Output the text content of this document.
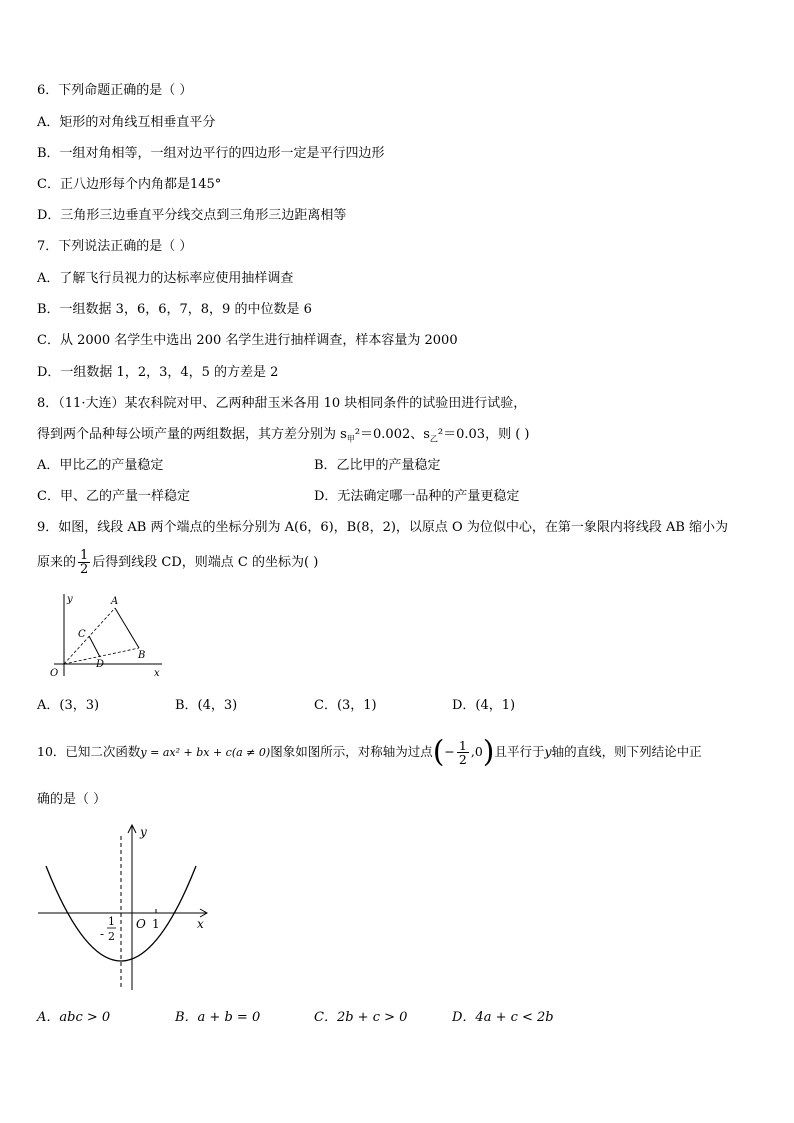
6．下列命题正确的是（ ）
A．矩形的对角线互相垂直平分
B．一组对角相等，一组对边平行的四边形一定是平行四边形
C．正八边形每个内角都是145°
D．三角形三边垂直平分线交点到三角形三边距离相等
7．下列说法正确的是（ ）
A．了解飞行员视力的达标率应使用抽样调查
B．一组数据 3，6，6，7，8，9 的中位数是 6
C．从 2000 名学生中选出 200 名学生进行抽样调查，样本容量为 2000
D．一组数据 1，2，3，4，5 的方差是 2
8．（11·大连）某农科院对甲、乙两种甜玉米各用 10 块相同条件的试验田进行试验，
得到两个品种每公顷产量的两组数据，其方差分别为 $s_甲^2=0.002$、$s_乙^2=0.03$，则 ( )
A．甲比乙的产量稳定	B．乙比甲的产量稳定
C．甲、乙的产量一样稳定	D．无法确定哪一品种的产量更稳定
9．如图，线段 AB 两个端点的坐标分别为 A(6，6)，B(8，2)，以原点 O 为位似中心，在第一象限内将线段 AB 缩小为
原来的 $\frac{1}{2}$ 后得到线段 CD，则端点 C 的坐标为( )
y
x
A
B
C
D
O
A．(3，3)	B．(4，3)	C．(3，1)	D．(4，1)
10．已知二次函数y = ax² + bx + c(a ≠ 0)图象如图所示，对称轴为过点(− $\frac{1}{2} ,0$)且平行于y轴的直线，则下列结论中正
确的是（ ）
y
x
O 1
-
1
2
A．abc > 0	B．a + b = 0	C．2b + c > 0	D．4a + c < 2b
